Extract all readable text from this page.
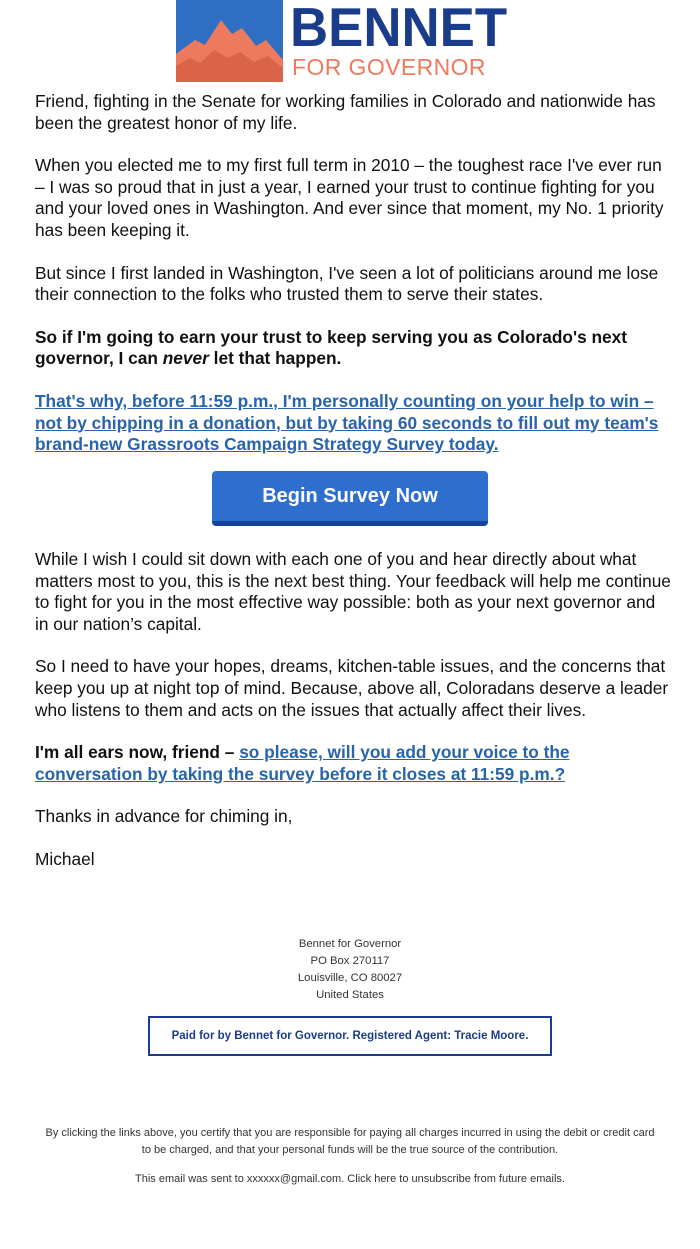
BENNET
FOR GOVERNOR

Friend, fighting in the Senate for working families in Colorado and nationwide has been the greatest honor of my life.

When you elected me to my first full term in 2010 – the toughest race I've ever run – I was so proud that in just a year, I earned your trust to continue fighting for you and your loved ones in Washington. And ever since that moment, my No. 1 priority has been keeping it.

But since I first landed in Washington, I've seen a lot of politicians around me lose their connection to the folks who trusted them to serve their states.

So if I'm going to earn your trust to keep serving you as Colorado's next governor, I can never let that happen.

That's why, before 11:59 p.m., I'm personally counting on your help to win – not by chipping in a donation, but by taking 60 seconds to fill out my team's brand-new Grassroots Campaign Strategy Survey today.

Begin Survey Now

While I wish I could sit down with each one of you and hear directly about what matters most to you, this is the next best thing. Your feedback will help me continue to fight for you in the most effective way possible: both as your next governor and in our nation’s capital.

So I need to have your hopes, dreams, kitchen-table issues, and the concerns that keep you up at night top of mind. Because, above all, Coloradans deserve a leader who listens to them and acts on the issues that actually affect their lives.

I'm all ears now, friend – so please, will you add your voice to the conversation by taking the survey before it closes at 11:59 p.m.?

Thanks in advance for chiming in,

Michael

Bennet for Governor
PO Box 270117
Louisville, CO 80027
United States
Paid for by Bennet for Governor. Registered Agent: Tracie Moore.
By clicking the links above, you certify that you are responsible for paying all charges incurred in using the debit or credit card to be charged, and that your personal funds will be the true source of the contribution.
This email was sent to xxxxxx@gmail.com. Click here to unsubscribe from future emails.
